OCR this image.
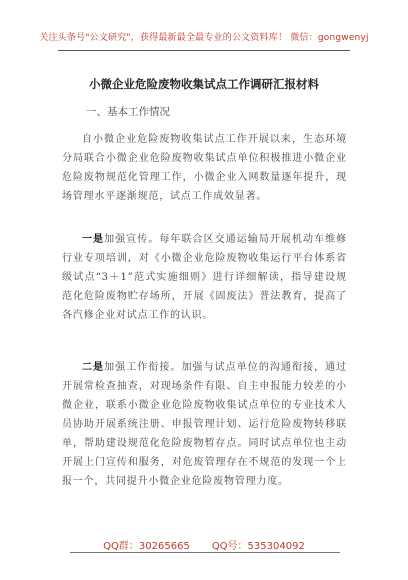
关注头条号"公文研究"，获得最新最全最专业的公文资料库！ 微信：gongwenyj
小微企业危险废物收集试点工作调研汇报材料
一、基本工作情况

自小微企业危险废物收集试点工作开展以来，生态环境分局联合小微企业危险废物收集试点单位积极推进小微企业危险废物规范化管理工作，小微企业入网数量逐年提升，现场管理水平逐渐规范，试点工作成效显著。

一是加强宣传。每年联合区交通运输局开展机动车维修行业专项培训，对《小微企业危险废物收集运行平台体系省级试点“3＋1”范式实施细则》进行详细解读，指导建设规范化危险废物贮存场所，开展《固废法》普法教育，提高了各汽修企业对试点工作的认识。

二是加强工作衔接。加强与试点单位的沟通衔接，通过开展常检查抽查，对现场条件有限、自主申报能力较差的小微企业，联系小微企业危险废物收集试点单位的专业技术人员协助开展系统注册、申报管理计划、运行危险废物转移联单，帮助建设规范化危险废物暂存点。同时试点单位也主动开展上门宣传和服务，对危废管理存在不规范的发现一个上报一个，共同提升小微企业危险废物管理力度。

QQ群：30265665 QQ号：535304092
